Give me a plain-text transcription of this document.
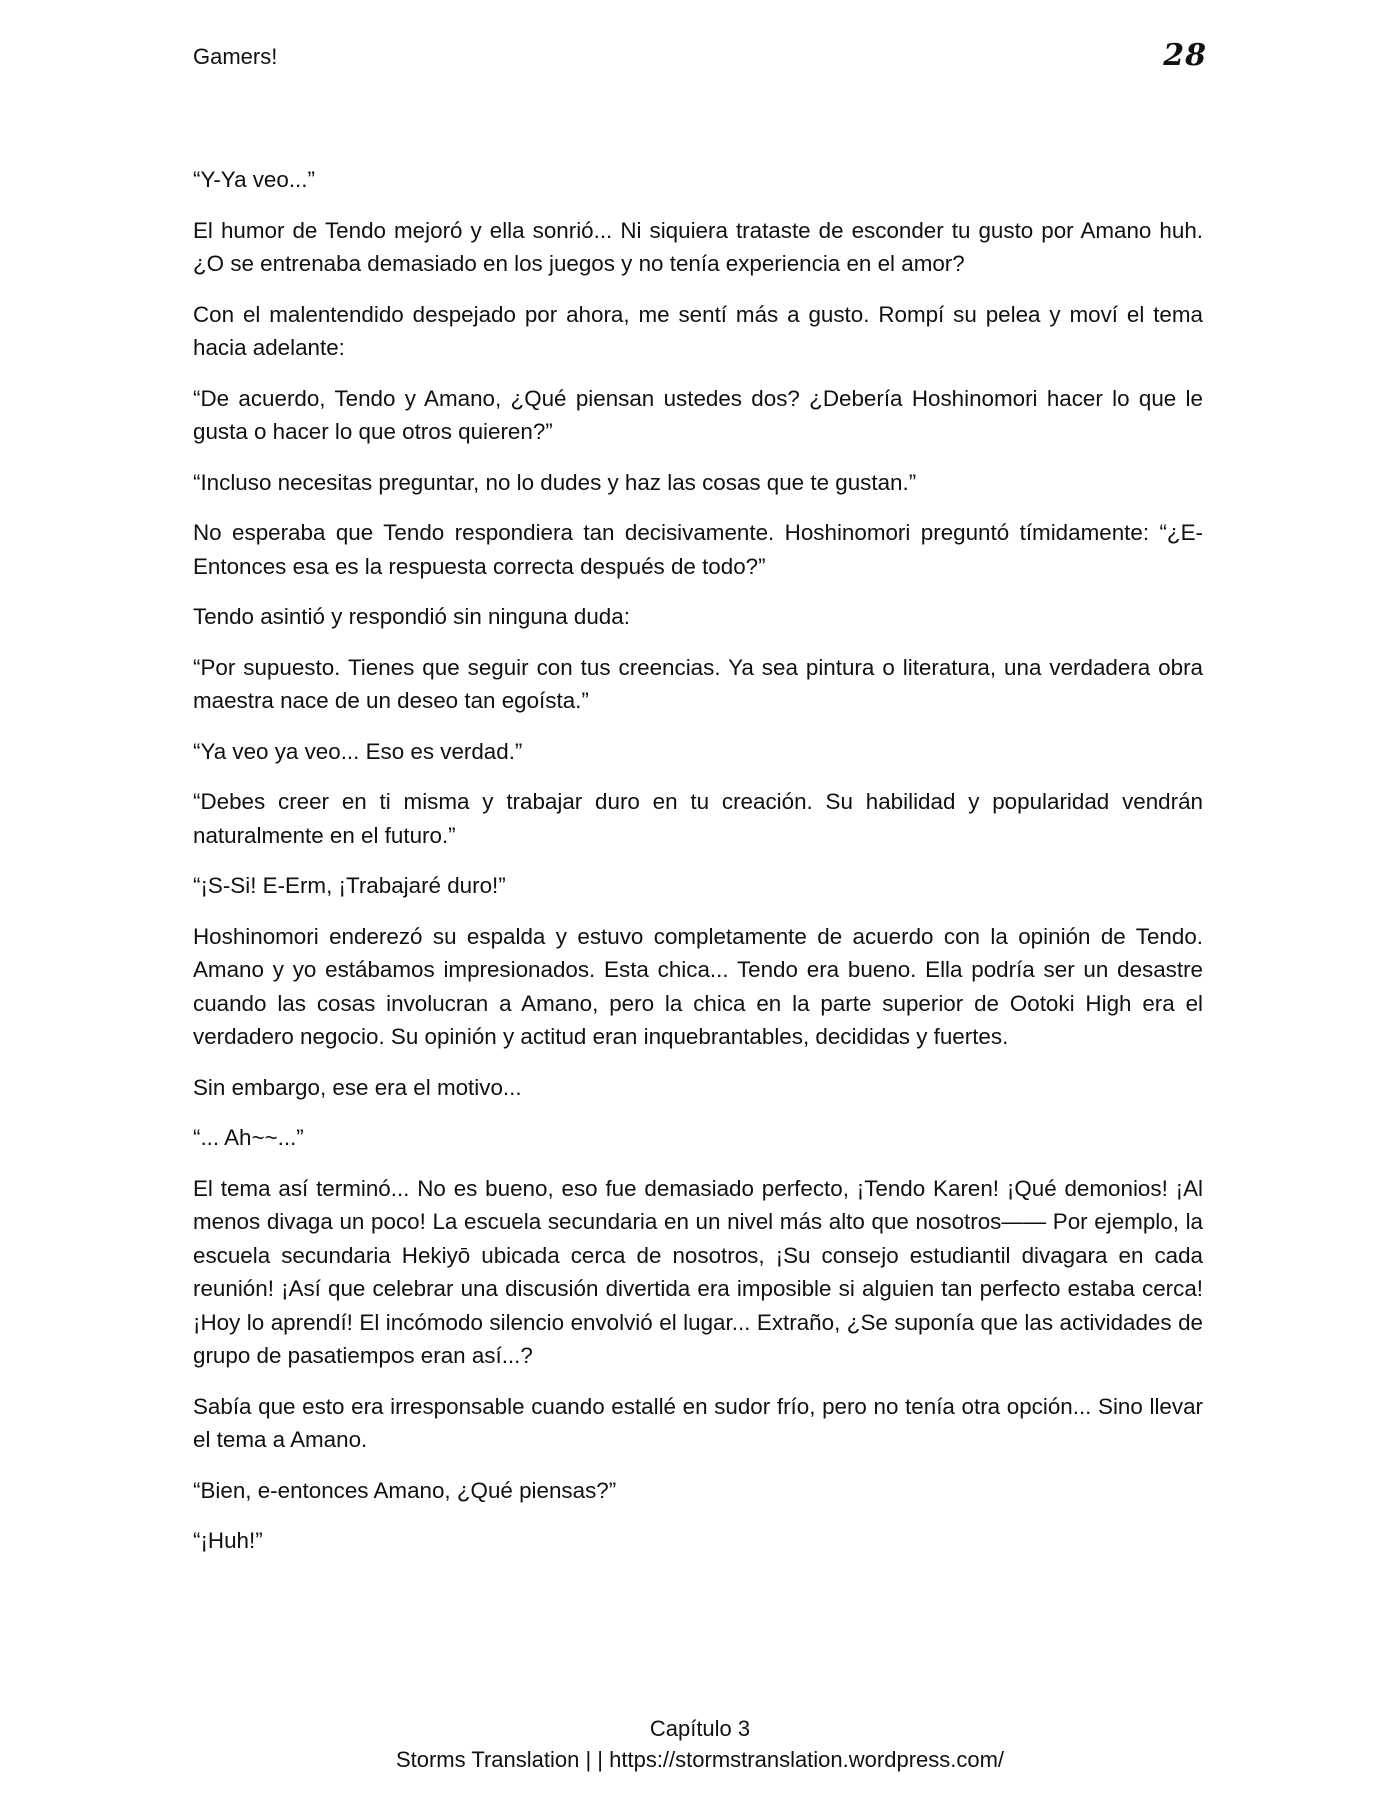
Gamers!	28

“Y-Ya veo...”

El humor de Tendo mejoró y ella sonrió... Ni siquiera trataste de esconder tu gusto por Amano huh. ¿O se entrenaba demasiado en los juegos y no tenía experiencia en el amor?

Con el malentendido despejado por ahora, me sentí más a gusto. Rompí su pelea y moví el tema hacia adelante:

“De acuerdo, Tendo y Amano, ¿Qué piensan ustedes dos? ¿Debería Hoshinomori hacer lo que le gusta o hacer lo que otros quieren?”

“Incluso necesitas preguntar, no lo dudes y haz las cosas que te gustan.”

No esperaba que Tendo respondiera tan decisivamente. Hoshinomori preguntó tímidamente: “¿E-Entonces esa es la respuesta correcta después de todo?”

Tendo asintió y respondió sin ninguna duda:

“Por supuesto. Tienes que seguir con tus creencias. Ya sea pintura o literatura, una verdadera obra maestra nace de un deseo tan egoísta.”

“Ya veo ya veo... Eso es verdad.”

“Debes creer en ti misma y trabajar duro en tu creación. Su habilidad y popularidad vendrán naturalmente en el futuro.”

“¡S-Si! E-Erm, ¡Trabajaré duro!”

Hoshinomori enderezó su espalda y estuvo completamente de acuerdo con la opinión de Tendo. Amano y yo estábamos impresionados. Esta chica... Tendo era bueno. Ella podría ser un desastre cuando las cosas involucran a Amano, pero la chica en la parte superior de Ootoki High era el verdadero negocio. Su opinión y actitud eran inquebrantables, decididas y fuertes.

Sin embargo, ese era el motivo...

“... Ah~~...”

El tema así terminó... No es bueno, eso fue demasiado perfecto, ¡Tendo Karen! ¡Qué demonios! ¡Al menos divaga un poco! La escuela secundaria en un nivel más alto que nosotros—— Por ejemplo, la escuela secundaria Hekiyō ubicada cerca de nosotros, ¡Su consejo estudiantil divagara en cada reunión! ¡Así que celebrar una discusión divertida era imposible si alguien tan perfecto estaba cerca! ¡Hoy lo aprendí! El incómodo silencio envolvió el lugar... Extraño, ¿Se suponía que las actividades de grupo de pasatiempos eran así...?

Sabía que esto era irresponsable cuando estallé en sudor frío, pero no tenía otra opción... Sino llevar el tema a Amano.

“Bien, e-entonces Amano, ¿Qué piensas?”

“¡Huh!”

Capítulo 3
Storms Translation | | https://stormstranslation.wordpress.com/
